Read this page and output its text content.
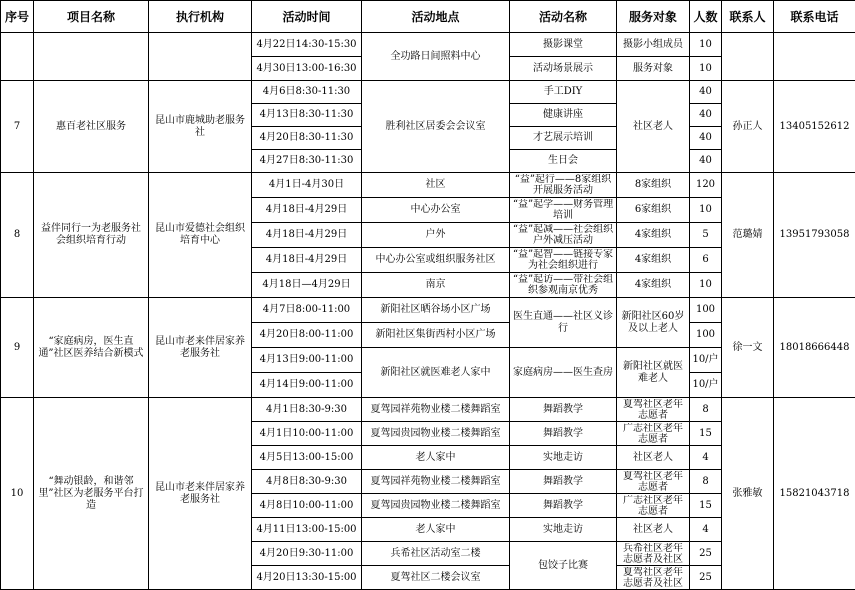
序号	项目名称	执行机构	活动时间	活动地点	活动名称	服务对象	人数	联系人	联系电话
			4月22日14:30-15:30	全功路日间照料中心	摄影课堂	摄影小组成员	10		
			4月30日13:00-16:30		活动场景展示	服务对象	10		
7	惠百老社区服务	昆山市鹿城助老服务社	4月6日8:30-11:30	胜利社区居委会会议室	手工DIY	社区老人	40	孙正人	13405152612
			4月13日8:30-11:30		健康讲座		40		
			4月20日8:30-11:30		才艺展示培训		40		
			4月27日8:30-11:30		生日会		40		
8	益伴同行一为老服务社会组织培育行动	昆山市爱德社会组织培育中心	4月1日-4月30日	社区	“益”起行——8家组织开展服务活动	8家组织	120	范璐婧	13951793058
			4月18日-4月29日	中心办公室	“益”起学——财务管理培训	6家组织	10		
			4月18日-4月29日	户外	“益”起减——社会组织户外减压活动	4家组织	5		
			4月18日-4月29日	中心办公室或组织服务社区	“益”起智——链接专家为社会组织进行	4家组织	6		
			4月18日—4月29日	南京	“益”起访——带社会组织参观南京优秀	4家组织	10		
9	“家庭病房，医生直通”社区医养结合新模式	昆山市老来伴居家养老服务社	4月7日8:00-11:00	新阳社区晒谷场小区广场	医生直通——社区义诊行	新阳社区60岁及以上老人	100	徐一文	18018666448
			4月20日8:00-11:00	新阳社区集街西村小区广场			100		
			4月13日9:00-11:00	新阳社区就医难老人家中	家庭病房——医生查房	新阳社区就医难老人	10/户		
			4月14日9:00-11:00				10/户		
10	“舞动银龄，和谐邻里”社区为老服务平台打造	昆山市老来伴居家养老服务社	4月1日8:30-9:30	夏驾园祥苑物业楼二楼舞蹈室	舞蹈教学	夏驾社区老年志愿者	8	张雅敏	15821043718
			4月1日10:00-11:00	夏驾园贵园物业楼二楼舞蹈室	舞蹈教学	广志社区老年志愿者	15		
			4月5日13:00-15:00	老人家中	实地走访	社区老人	4		
			4月8日8:30-9:30	夏驾园祥苑物业楼二楼舞蹈室	舞蹈教学	夏驾社区老年志愿者	8		
			4月8日10:00-11:00	夏驾园贵园物业楼二楼舞蹈室	舞蹈教学	广志社区老年志愿者	15		
			4月11日13:00-15:00	老人家中	实地走访	社区老人	4		
			4月20日9:30-11:00	兵希社区活动室二楼	包饺子比赛	兵希社区老年志愿者及社区	25		
			4月20日13:30-15:00	夏驾社区二楼会议室		夏驾社区老年志愿者及社区	25		
